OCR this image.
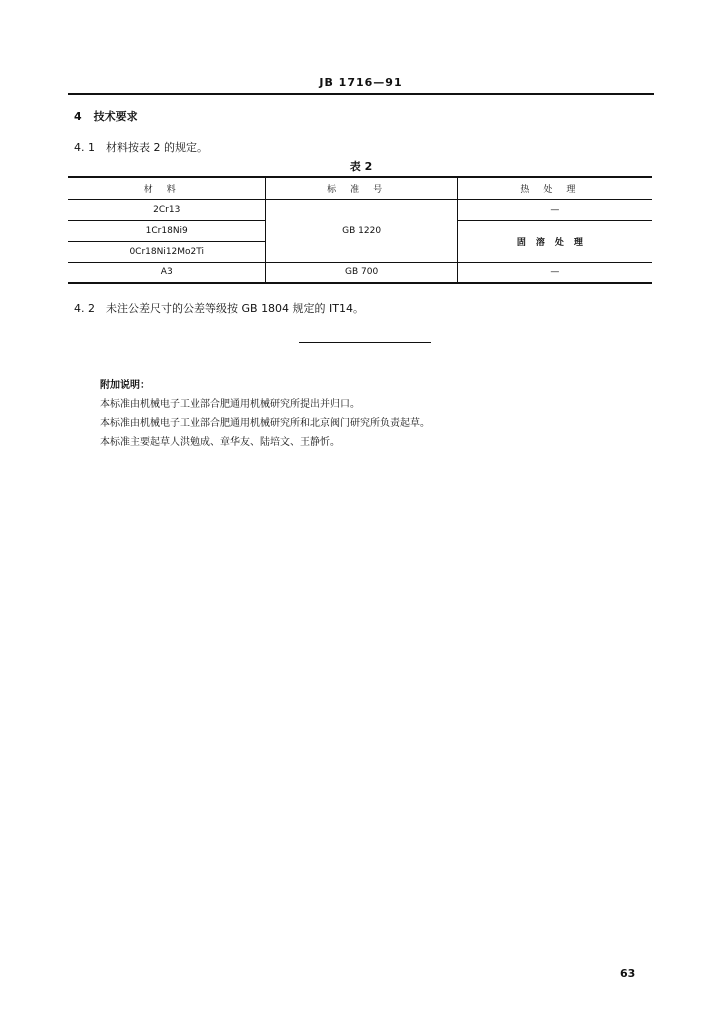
JB 1716—91
4 技术要求
4. 1 材料按表 2 的规定。
表 2
材料	标准号	热处理
2Cr13	GB 1220	—
1Cr18Ni9		固溶处理
0Cr18Ni12Mo2Ti		
A3	GB 700	—
4. 2 未注公差尺寸的公差等级按 GB 1804 规定的 IT14。
附加说明：
本标准由机械电子工业部合肥通用机械研究所提出并归口。
本标准由机械电子工业部合肥通用机械研究所和北京阀门研究所负责起草。
本标准主要起草人洪勉成、章华友、陆培文、王静忻。
63
